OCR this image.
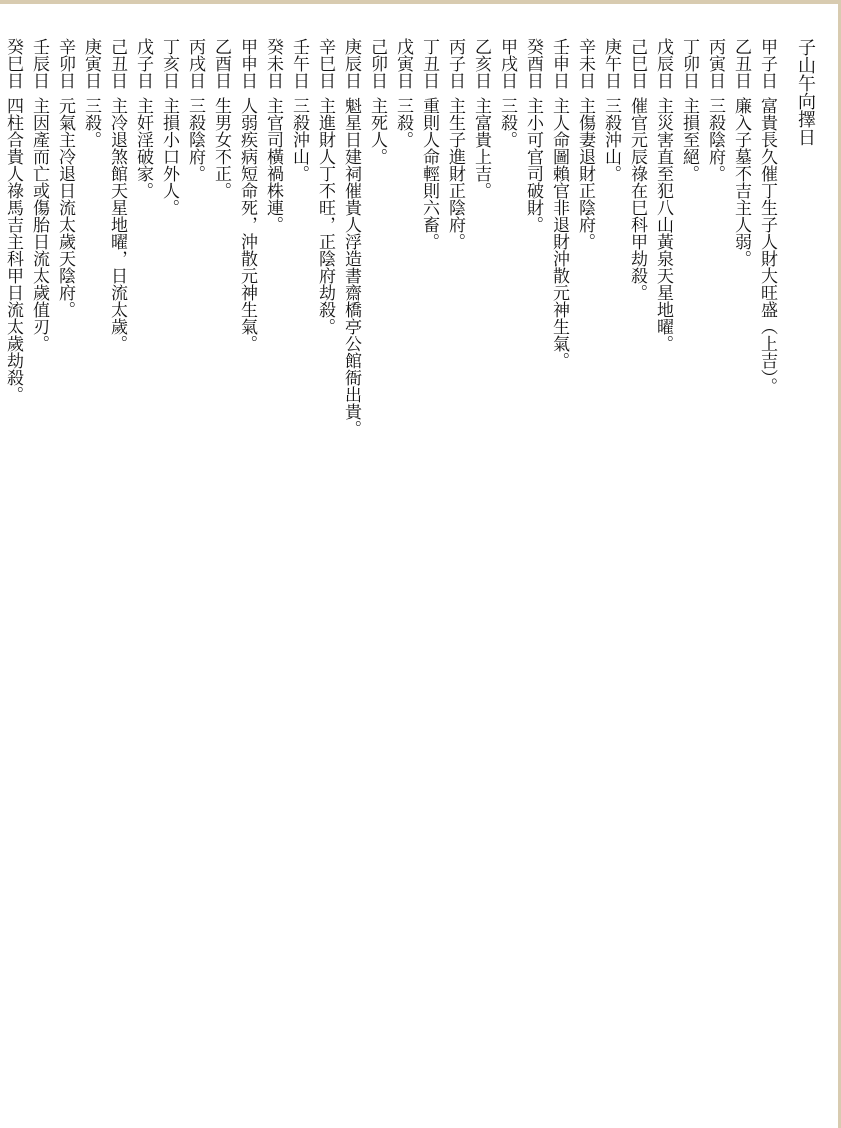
子山午向擇日
甲子日富貴長久催丁生子人財大旺盛（上吉）。
乙丑日廉入子墓不吉主人弱。
丙寅日三殺陰府。
丁卯日主損至絕。
戊辰日主災害直至犯八山黃泉天星地曜。
己巳日催官元辰祿在巳科甲劫殺。
庚午日三殺沖山。
辛未日主傷妻退財正陰府。
壬申日主人命圖賴官非退財沖散元神生氣。
癸酉日主小可官司破財。
甲戌日三殺。
乙亥日主富貴上吉。
丙子日主生子進財正陰府。
丁丑日重則人命輕則六畜。
戊寅日三殺。
己卯日主死人。
庚辰日魁星日建祠催貴人浮造書齋橋亭公館衙出貴。
辛巳日主進財人丁不旺，正陰府劫殺。
壬午日三殺沖山。
癸未日主官司橫禍株連。
甲申日人弱疾病短命死，沖散元神生氣。
乙酉日生男女不正。
丙戌日三殺陰府。
丁亥日主損小口外人。
戊子日主奸淫破家。
己丑日主冷退煞館天星地曜，日流太歲。
庚寅日三殺。
辛卯日元氣主冷退日流太歲天陰府。
壬辰日主因產而亡或傷胎日流太歲值刃。
癸巳日四柱合貴人祿馬吉主科甲日流太歲劫殺。
